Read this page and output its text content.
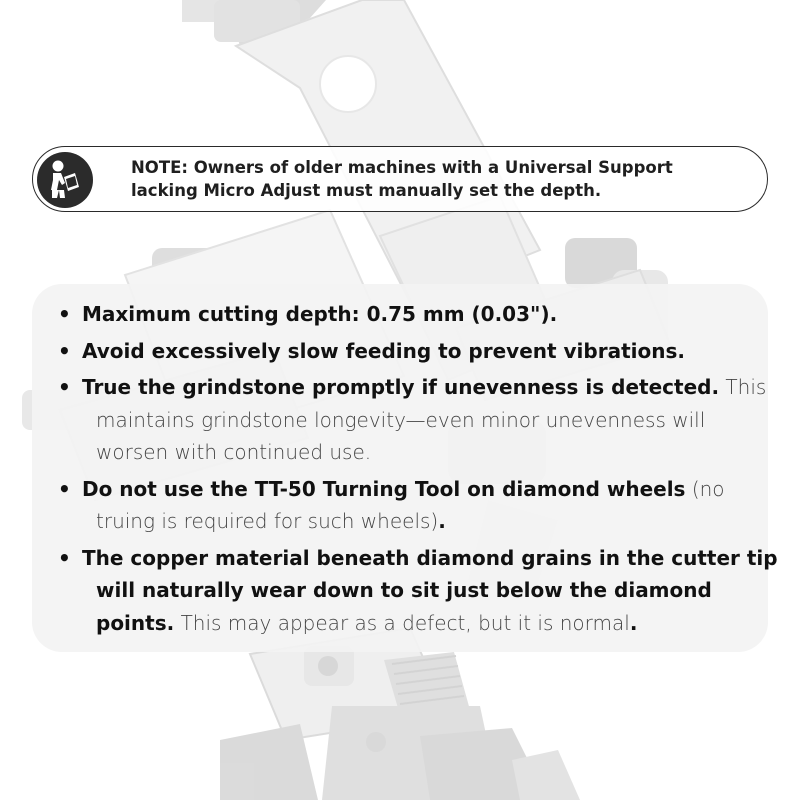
NOTE: Owners of older machines with a Universal Support
lacking Micro Adjust must manually set the depth.
• Maximum cutting depth: 0.75 mm (0.03").
• Avoid excessively slow feeding to prevent vibrations.
• True the grindstone promptly if unevenness is detected. This
maintains grindstone longevity—even minor unevenness will
worsen with continued use.
• Do not use the TT-50 Turning Tool on diamond wheels (no
truing is required for such wheels).
• The copper material beneath diamond grains in the cutter tip
will naturally wear down to sit just below the diamond
points. This may appear as a defect, but it is normal.
